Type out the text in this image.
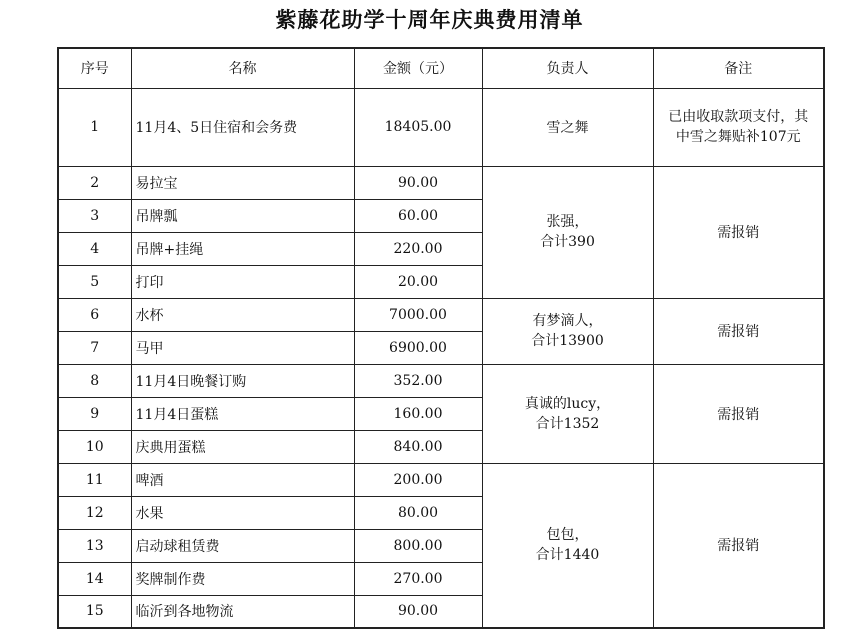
紫藤花助学十周年庆典费用清单
序号	名称	金额（元）	负责人	备注
1	11月4、5日住宿和会务费	18405.00	雪之舞	已由收取款项支付，其
中雪之舞贴补107元

2	易拉宝	90.00	张强，
合计390	需报销
3	吊牌瓢	60.00		
4	吊牌+挂绳	220.00		
5	打印	20.00		
6	水杯	7000.00	有梦滴人，
合计13900	需报销
7	马甲	6900.00		
8	11月4日晚餐订购	352.00	真诚的lucy，
合计1352	需报销
9	11月4日蛋糕	160.00		
10	庆典用蛋糕	840.00		
11	啤酒	200.00	包包，
合计1440	需报销
12	水果	80.00		
13	启动球租赁费	800.00		
14	奖牌制作费	270.00		
15	临沂到各地物流	90.00		
